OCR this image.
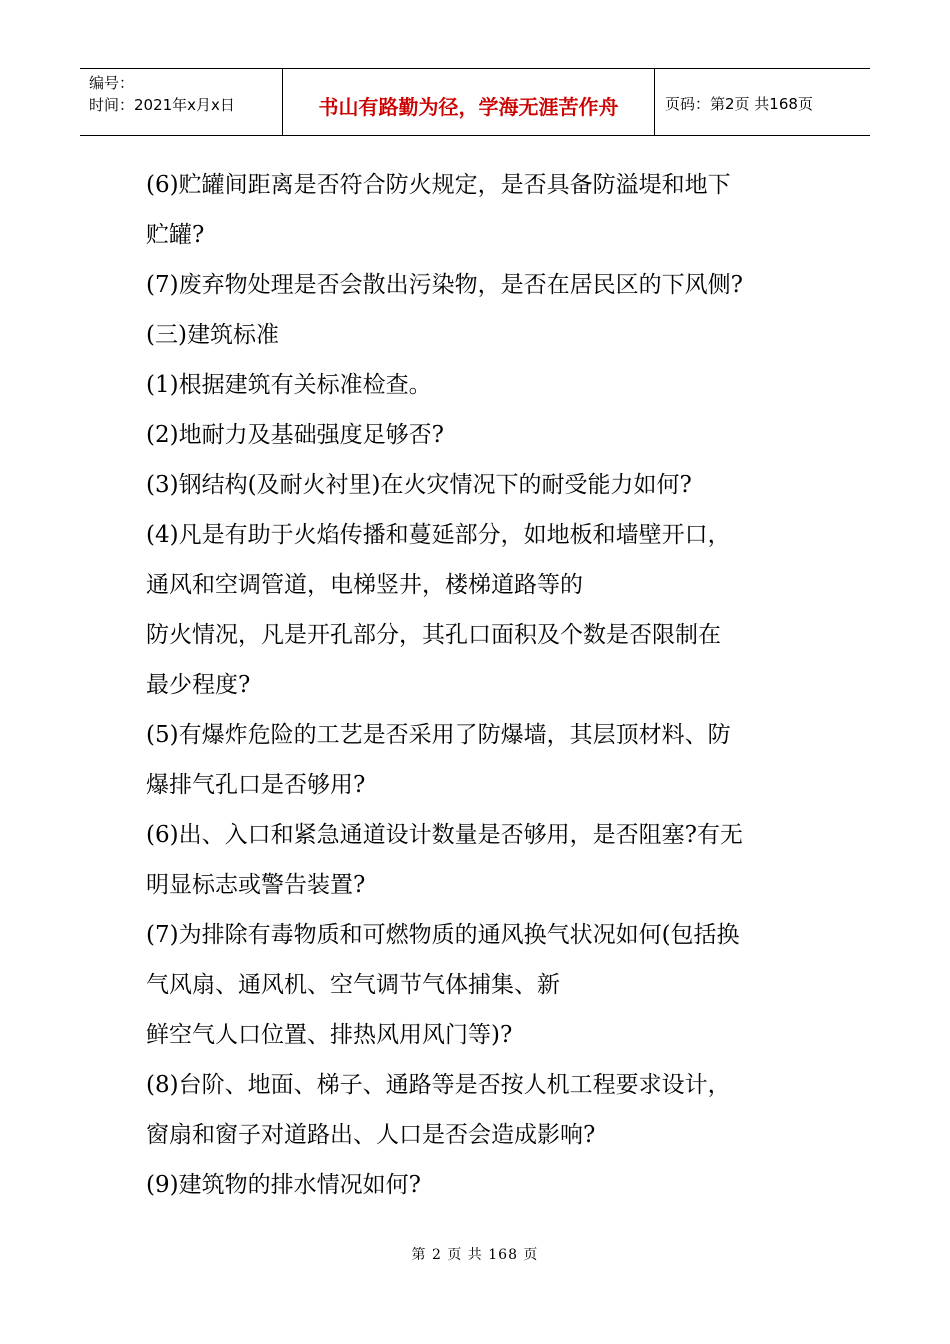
编号：
时间：2021年x月x日	书山有路勤为径，学海无涯苦作舟	页码：第2页 共168页
(6)贮罐间距离是否符合防火规定，是否具备防溢堤和地下
贮罐?
(7)废弃物处理是否会散出污染物，是否在居民区的下风侧?
(三)建筑标准
(1)根据建筑有关标准检查。
(2)地耐力及基础强度足够否?
(3)钢结构(及耐火衬里)在火灾情况下的耐受能力如何?
(4)凡是有助于火焰传播和蔓延部分，如地板和墙壁开口，
通风和空调管道，电梯竖井，楼梯道路等的
防火情况，凡是开孔部分，其孔口面积及个数是否限制在
最少程度?
(5)有爆炸危险的工艺是否采用了防爆墙，其层顶材料、防
爆排气孔口是否够用?
(6)出、入口和紧急通道设计数量是否够用，是否阻塞?有无
明显标志或警告装置?
(7)为排除有毒物质和可燃物质的通风换气状况如何(包括换
气风扇、通风机、空气调节气体捕集、新
鲜空气人口位置、排热风用风门等)?
(8)台阶、地面、梯子、通路等是否按人机工程要求设计，
窗扇和窗子对道路出、人口是否会造成影响?
(9)建筑物的排水情况如何?
第 2 页 共 168 页
